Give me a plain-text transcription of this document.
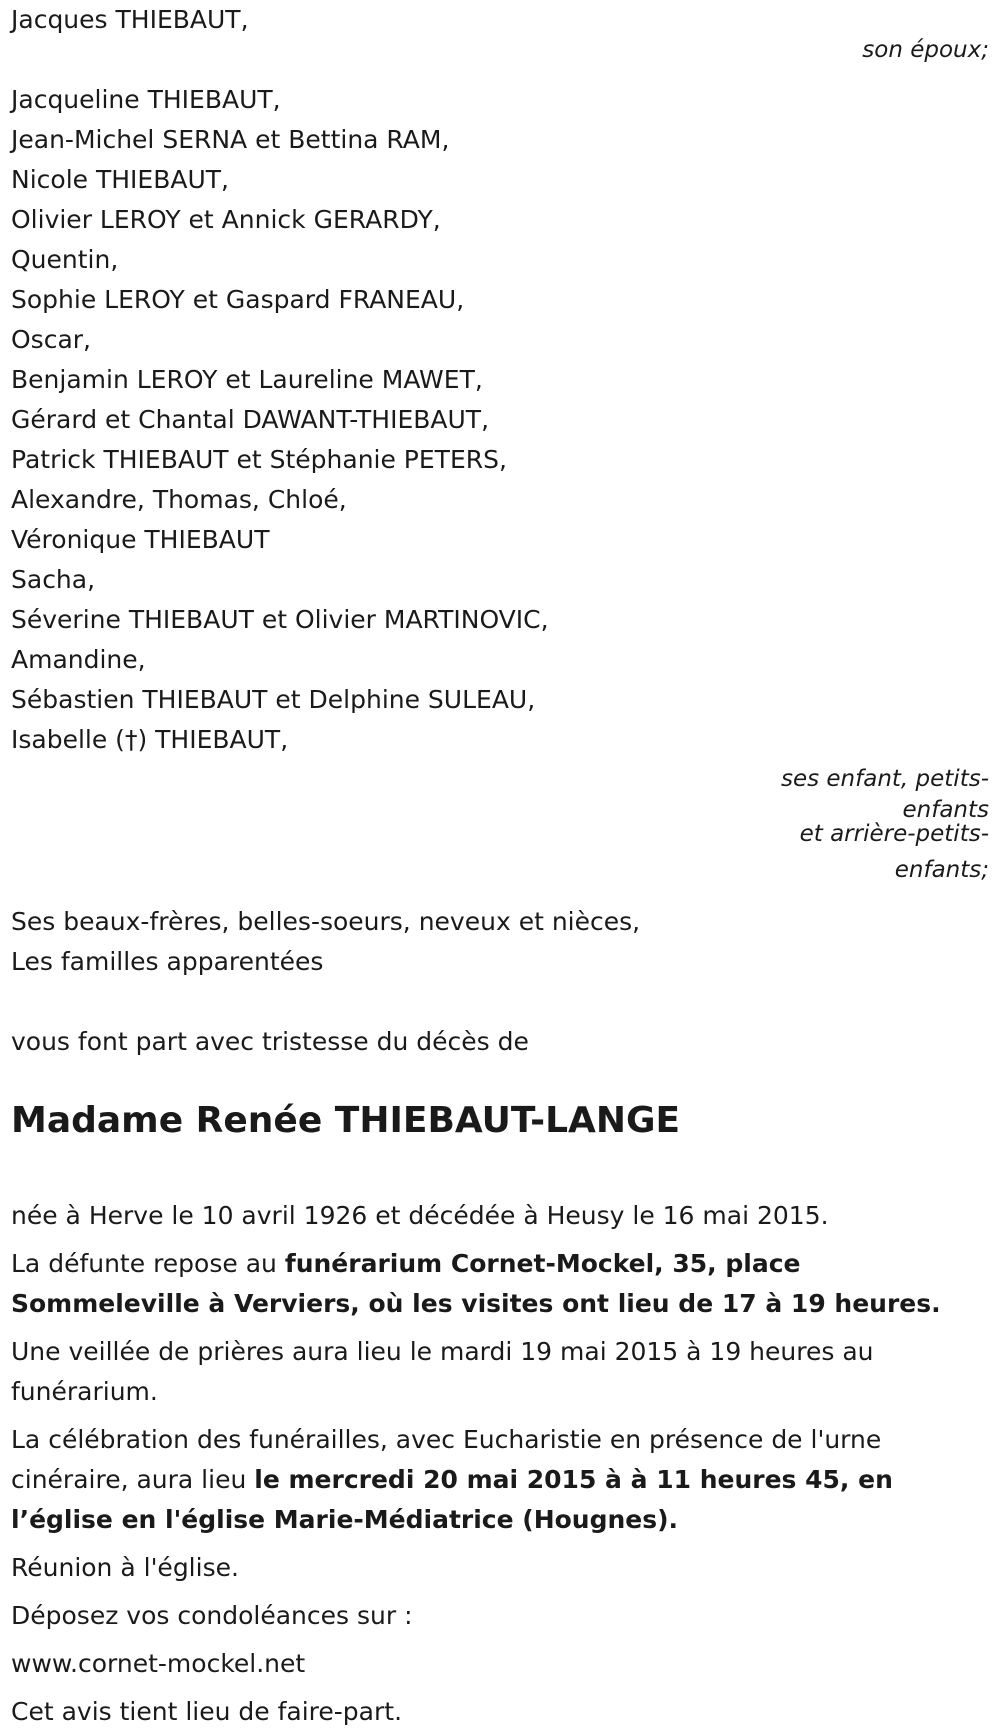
Jacques THIEBAUT,
son époux;
Jacqueline THIEBAUT,
Jean-Michel SERNA et Bettina RAM,
Nicole THIEBAUT,
Olivier LEROY et Annick GERARDY,
Quentin,
Sophie LEROY et Gaspard FRANEAU,
Oscar,
Benjamin LEROY et Laureline MAWET,
Gérard et Chantal DAWANT-THIEBAUT,
Patrick THIEBAUT et Stéphanie PETERS,
Alexandre, Thomas, Chloé,
Véronique THIEBAUT
Sacha,
Séverine THIEBAUT et Olivier MARTINOVIC,
Amandine,
Sébastien THIEBAUT et Delphine SULEAU,
Isabelle (†) THIEBAUT,
ses enfant, petits-
enfants
et arrière-petits-
enfants;
Ses beaux-frères, belles-soeurs, neveux et nièces,
Les familles apparentées
vous font part avec tristesse du décès de
Madame Renée THIEBAUT-LANGE
née à Herve le 10 avril 1926 et décédée à Heusy le 16 mai 2015.
La défunte repose au funérarium Cornet-Mockel, 35, place Sommeleville à Verviers, où les visites ont lieu de 17 à 19 heures.
Une veillée de prières aura lieu le mardi 19 mai 2015 à 19 heures au funérarium.
La célébration des funérailles, avec Eucharistie en présence de l'urne cinéraire, aura lieu le mercredi 20 mai 2015 à à 11 heures 45, en l’église en l'église Marie-Médiatrice (Hougnes).
Réunion à l'église.
Déposez vos condoléances sur :
www.cornet-mockel.net
Cet avis tient lieu de faire-part.
